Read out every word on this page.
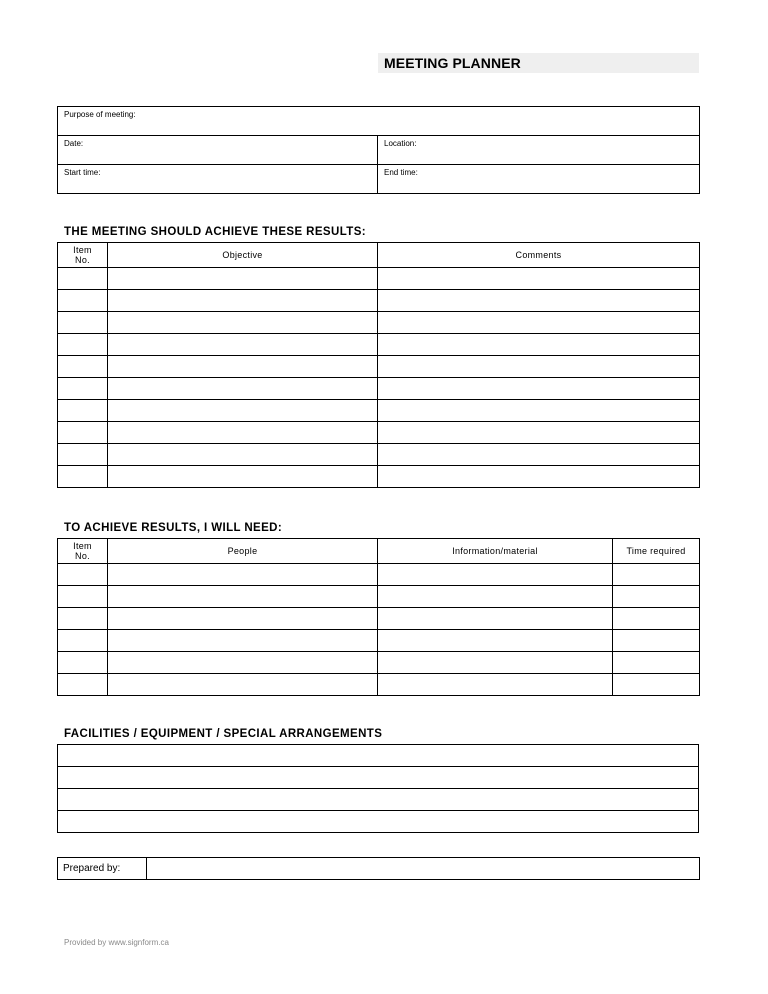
MEETING PLANNER
Purpose of meeting:	
Date:	Location:
Start time:	End time:
THE MEETING SHOULD ACHIEVE THESE RESULTS:
Item No.	Objective	Comments

TO ACHIEVE RESULTS, I WILL NEED:
Item No.	People	Information/material	Time required

FACILITIES / EQUIPMENT / SPECIAL ARRANGEMENTS

Prepared by:	
Provided by www.signform.ca
